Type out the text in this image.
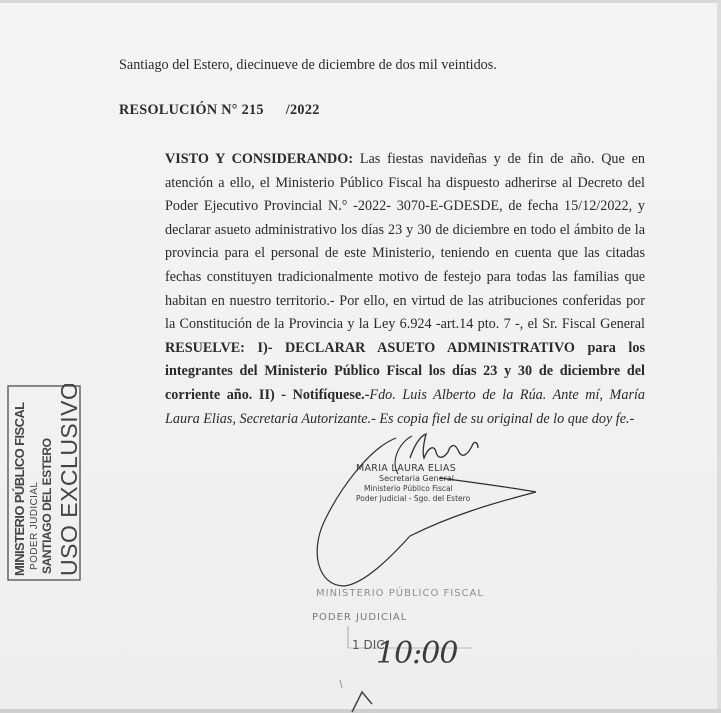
Santiago del Estero, diecinueve de diciembre de dos mil veintidos.
RESOLUCIÓN N° 215 /2022

VISTO Y CONSIDERANDO: Las fiestas navideñas y de fin de año. Que en atención a ello, el Ministerio Público Fiscal ha dispuesto adherirse al Decreto del Poder Ejecutivo Provincial N.° -2022- 3070-E-GDESDE, de fecha 15/12/2022, y declarar asueto administrativo los días 23 y 30 de diciembre en todo el ámbito de la provincia para el personal de este Ministerio, teniendo en cuenta que las citadas fechas constituyen tradicionalmente motivo de festejo para todas las familias que habitan en nuestro territorio.- Por ello, en virtud de las atribuciones conferidas por la Constitución de la Provincia y la Ley 6.924 -art.14 pto. 7 -, el Sr. Fiscal General RESUELVE: I)- DECLARAR ASUETO ADMINISTRATIVO para los integrantes del Ministerio Público Fiscal los días 23 y 30 de diciembre del corriente año. II) - Notifíquese.-Fdo. Luis Alberto de la Rúa. Ante mí, María Laura Elias, Secretaria Autorizante.- Es copia fiel de su original de lo que doy fe.-

MINISTERIO PÚBLICO FISCAL PODER JUDICIAL SANTIAGO DEL ESTERO USO EXCLUSIVO	MARIA LAURA ELIAS
Secretaria General
Ministerio Público Fiscal
Poder Judicial - Sgo. del Estero
MINISTERIO PÚBLICO FISCAL
PODER JUDICIAL
1 DIC
10:00
